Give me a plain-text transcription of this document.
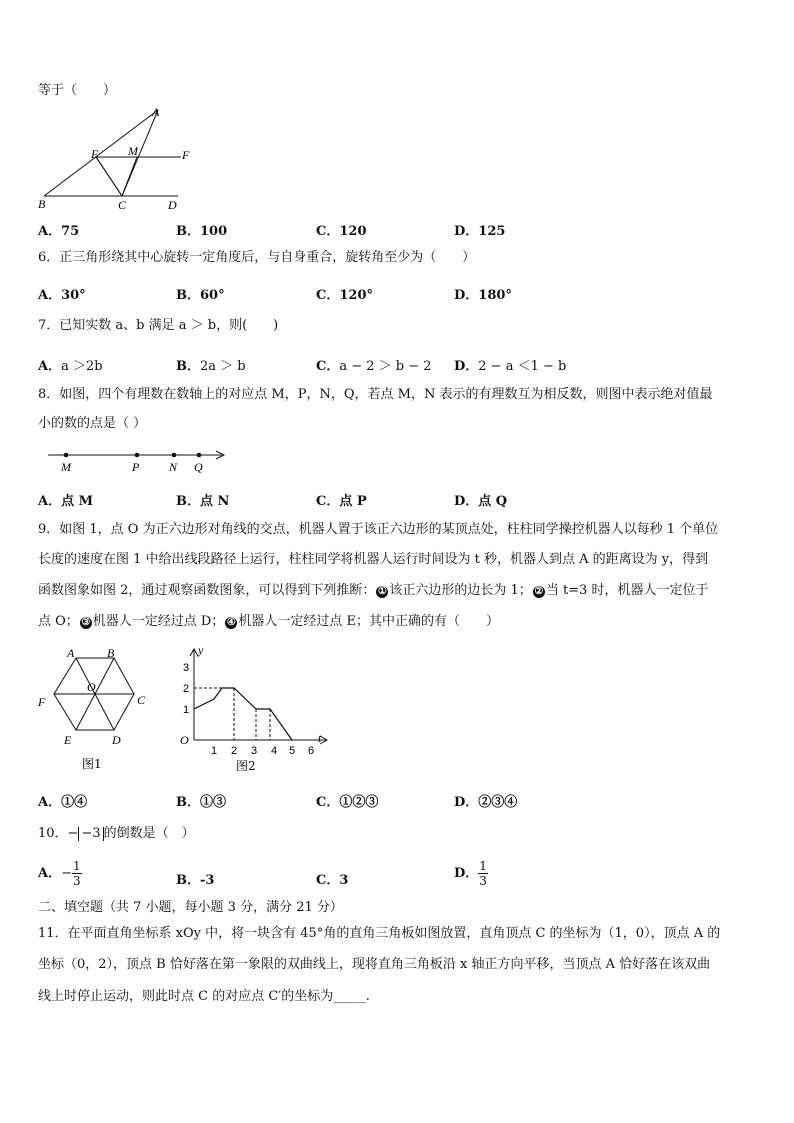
等于（　　）
A
E M	F
B	C	D
A．75	B．100	C．120	D．125
6．正三角形绕其中心旋转一定角度后，与自身重合，旋转角至少为（　　）
A．30°	B．60°	C．120°	D．180°
7．已知实数 a、b 满足 a ＞ b，则(　　)
A．a ＞2b	B．2a ＞ b	C．a − 2 ＞ b − 2 D．2 − a ＜1 − b
8．如图，四个有理数在数轴上的对应点 M，P，N，Q，若点 M，N 表示的有理数互为相反数，则图中表示绝对值最
小的数的点是（ ）
M	P N Q
A．点 M	B．点 N	C．点 P	D．点 Q
9．如图 1，点 O 为正六边形对角线的交点，机器人置于该正六边形的某顶点处，柱柱同学操控机器人以每秒 1 个单位
长度的速度在图 1 中给出线段路径上运行，柱柱同学将机器人运行时间设为 t 秒，机器人到点 A 的距离设为 y，得到
函数图象如图 2，通过观察函数图象，可以得到下列推断： ① 该正六边形的边长为 1； ② 当 t=3 时，机器人一定位于
点 O； ③ 机器人一定经过点 D； ④ 机器人一定经过点 E；其中正确的有（　　）
A	B
C
D
E
F
O
图1
y
t
O
1
2
3
1 2 3 4 5 6
图2
A．①④	B．①③	C．①②③	D．②③④
10．− −3 的倒数是（　）
A．− $\frac{1}{3}$	B．-3	C．3	D． $\frac{1}{3}$
二、填空题（共 7 小题，每小题 3 分，满分 21 分）
11．在平面直角坐标系 xOy 中，将一块含有 45°角的直角三角板如图放置，直角顶点 C 的坐标为（1，0），顶点 A 的
坐标（0，2），顶点 B 恰好落在第一象限的双曲线上，现将直角三角板沿 x 轴正方向平移，当顶点 A 恰好落在该双曲
线上时停止运动，则此时点 C 的对应点 C′的坐标为_____.
